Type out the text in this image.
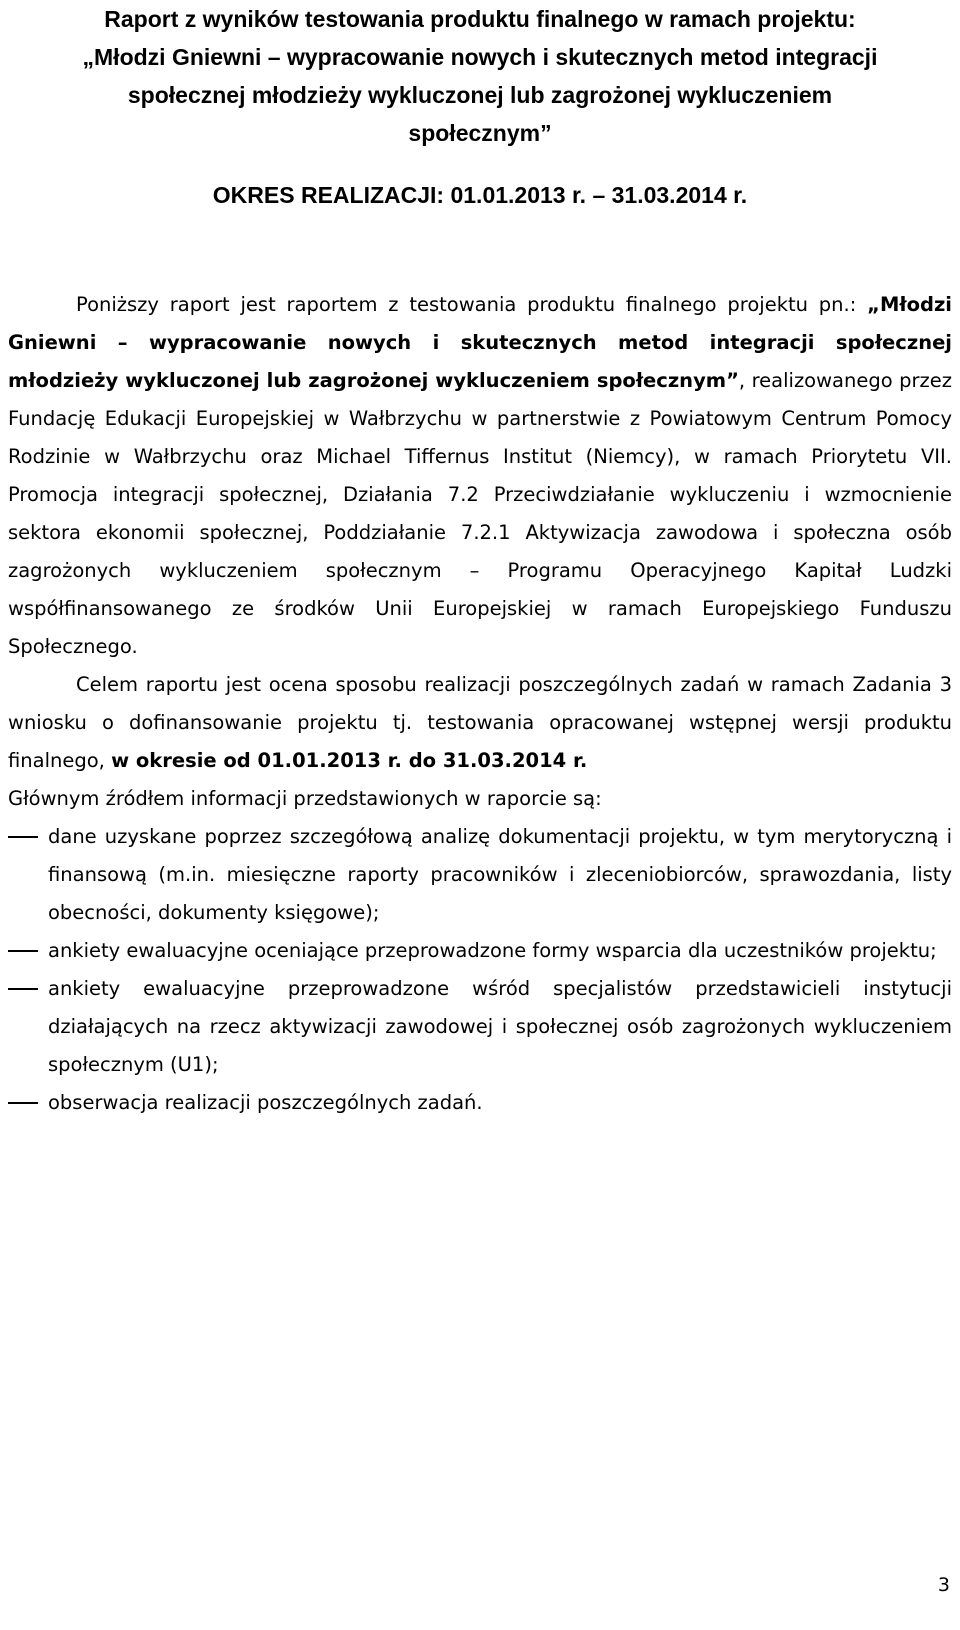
Raport z wyników testowania produktu finalnego w ramach projektu:
„Młodzi Gniewni – wypracowanie nowych i skutecznych metod integracji
społecznej młodzieży wykluczonej lub zagrożonej wykluczeniem
społecznym”
OKRES REALIZACJI: 01.01.2013 r. – 31.03.2014 r.

Poniższy raport jest raportem z testowania produktu finalnego projektu pn.: „Młodzi Gniewni – wypracowanie nowych i skutecznych metod integracji społecznej młodzieży wykluczonej lub zagrożonej wykluczeniem społecznym”, realizowanego przez Fundację Edukacji Europejskiej w Wałbrzychu w partnerstwie z Powiatowym Centrum Pomocy Rodzinie w Wałbrzychu oraz Michael Tiffernus Institut (Niemcy), w ramach Priorytetu VII. Promocja integracji społecznej, Działania 7.2 Przeciwdziałanie wykluczeniu i wzmocnienie sektora ekonomii społecznej, Poddziałanie 7.2.1 Aktywizacja zawodowa i społeczna osób zagrożonych wykluczeniem społecznym – Programu Operacyjnego Kapitał Ludzki współfinansowanego ze środków Unii Europejskiej w ramach Europejskiego Funduszu Społecznego.

Celem raportu jest ocena sposobu realizacji poszczególnych zadań w ramach Zadania 3 wniosku o dofinansowanie projektu tj. testowania opracowanej wstępnej wersji produktu finalnego, w okresie od 01.01.2013 r. do 31.03.2014 r.

Głównym źródłem informacji przedstawionych w raporcie są:

dane uzyskane poprzez szczegółową analizę dokumentacji projektu, w tym merytoryczną i finansową (m.in. miesięczne raporty pracowników i zleceniobiorców, sprawozdania, listy obecności, dokumenty księgowe);
ankiety ewaluacyjne oceniające przeprowadzone formy wsparcia dla uczestników projektu;
ankiety ewaluacyjne przeprowadzone wśród specjalistów przedstawicieli instytucji działających na rzecz aktywizacji zawodowej i społecznej osób zagrożonych wykluczeniem społecznym (U1);
obserwacja realizacji poszczególnych zadań.
3
